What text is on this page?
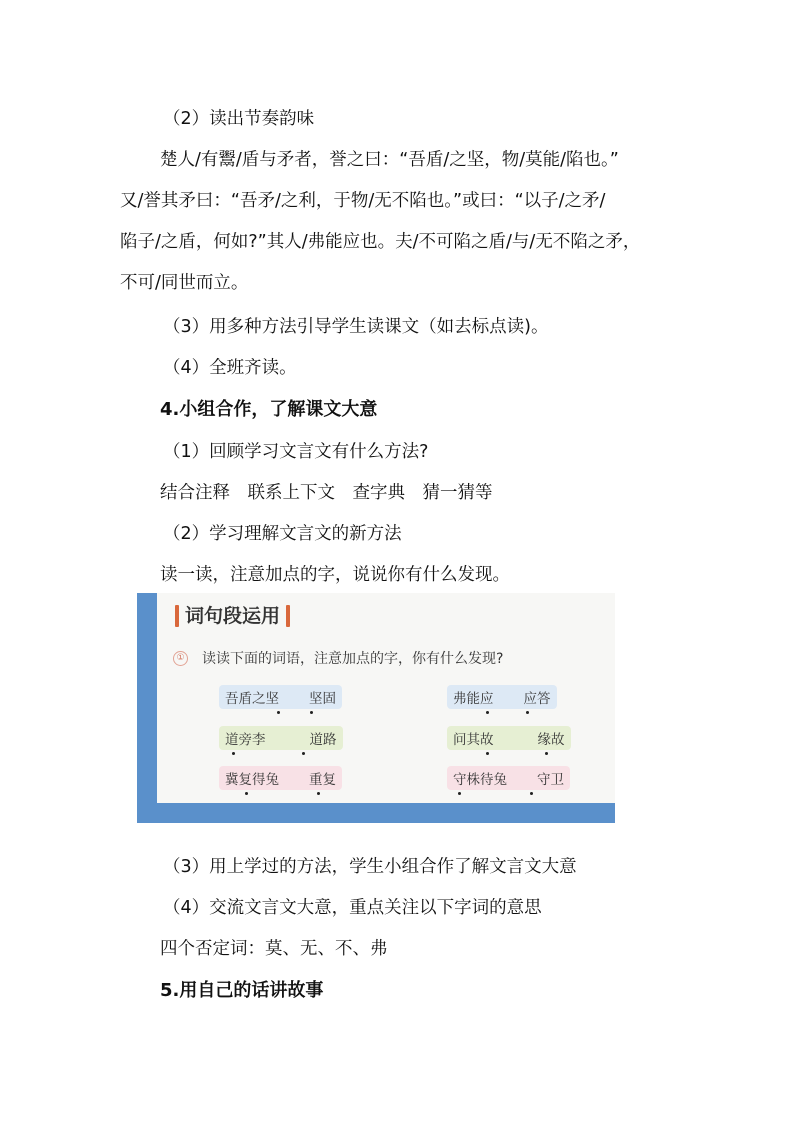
（2）读出节奏韵味
楚人/有鬻/盾与矛者，誉之曰：“吾盾/之坚，物/莫能/陷也。”
又/誉其矛曰：“吾矛/之利，于物/无不陷也。”或曰：“以子/之矛/
陷子/之盾，何如?”其人/弗能应也。夫/不可陷之盾/与/无不陷之矛，
不可/同世而立。
（3）用多种方法引导学生读课文（如去标点读)。
（4）全班齐读。
4.小组合作，了解课文大意
（1）回顾学习文言文有什么方法?
结合注释　联系上下文　查字典　猜一猜等
（2）学习理解文言文的新方法
读一读，注意加点的字，说说你有什么发现。
词句段运用
① 读读下面的词语，注意加点的字，你有什么发现?
吾盾之坚	坚固	弗能应	应答
道旁李	道路	问其故	缘故
冀复得兔	重复	守株待兔	守卫
（3）用上学过的方法，学生小组合作了解文言文大意
（4）交流文言文大意，重点关注以下字词的意思
四个否定词：莫、无、不、弗
5.用自己的话讲故事
